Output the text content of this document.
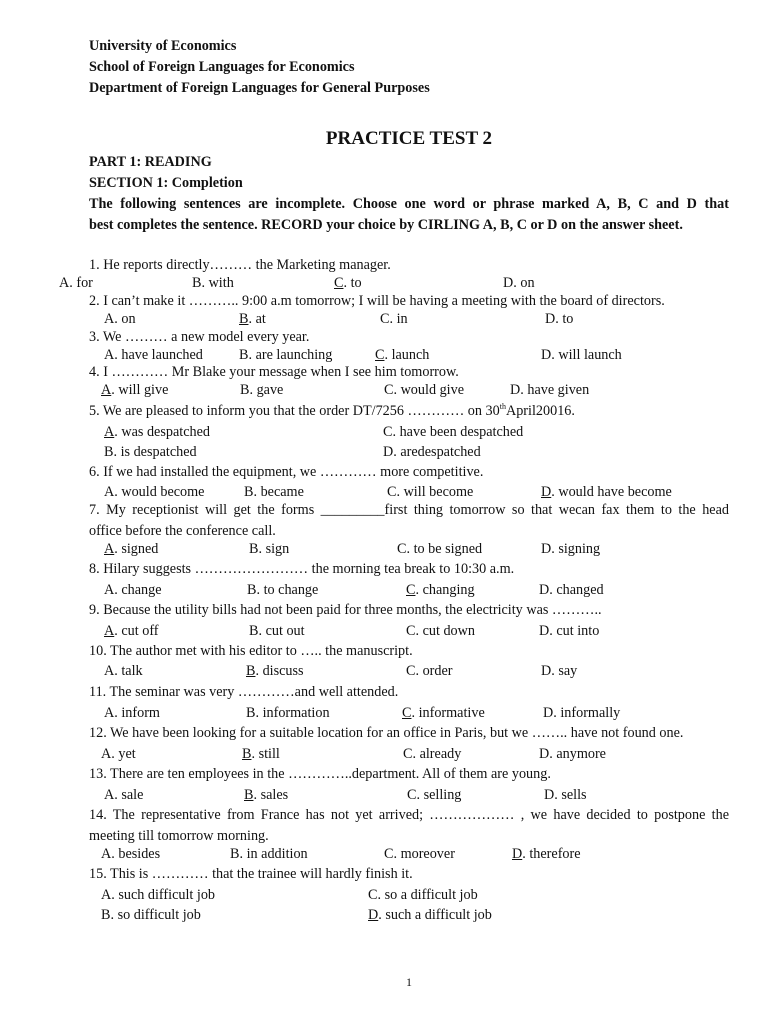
University of Economics
School of Foreign Languages for Economics
Department of Foreign Languages for General Purposes
PRACTICE TEST 2
PART 1: READING
SECTION 1: Completion
The following sentences are incomplete. Choose one word or phrase marked A, B, C and D that
best completes the sentence. RECORD your choice by CIRLING A, B, C or D on the answer sheet.
1. He reports directly……… the Marketing manager.
A. for	B. with	C. to	D. on
2. I can’t make it ……….. 9:00 a.m tomorrow; I will be having a meeting with the board of directors.
A. on	B. at	C. in	D. to
3. We ……… a new model every year.
A. have launched	B. are launching	C. launch	D. will launch
4. I ………… Mr Blake your message when I see him tomorrow.
A. will give	B. gave	C. would give	D. have given
5. We are pleased to inform you that the order DT/7256 ………… on 30thApril20016.
A. was despatched	C. have been despatched
B. is despatched	D. aredespatched
6. If we had installed the equipment, we ………… more competitive.
A. would become	B. became	C. will become	D. would have become
7. My receptionist will get the forms _________first thing tomorrow so that wecan fax them to the head
office before the conference call.
A. signed	B. sign	C. to be signed	D. signing
8. Hilary suggests …………………… the morning tea break to 10:30 a.m.
A. change	B. to change	C. changing	D. changed
9. Because the utility bills had not been paid for three months, the electricity was ………..
A. cut off	B. cut out	C. cut down	D. cut into
10. The author met with his editor to ….. the manuscript.
A. talk	B. discuss	C. order	D. say
11. The seminar was very …………and well attended.
A. inform	B. information	C. informative	D. informally
12. We have been looking for a suitable location for an office in Paris, but we …….. have not found one.
A. yet	B. still	C. already	D. anymore
13. There are ten employees in the …………..department. All of them are young.
A. sale	B. sales	C. selling	D. sells
14. The representative from France has not yet arrived; ……………… , we have decided to postpone the
meeting till tomorrow morning.
A. besides	B. in addition	C. moreover	D. therefore
15. This is ………… that the trainee will hardly finish it.
A. such difficult job	C. so a difficult job
B. so difficult job	D. such a difficult job
1
